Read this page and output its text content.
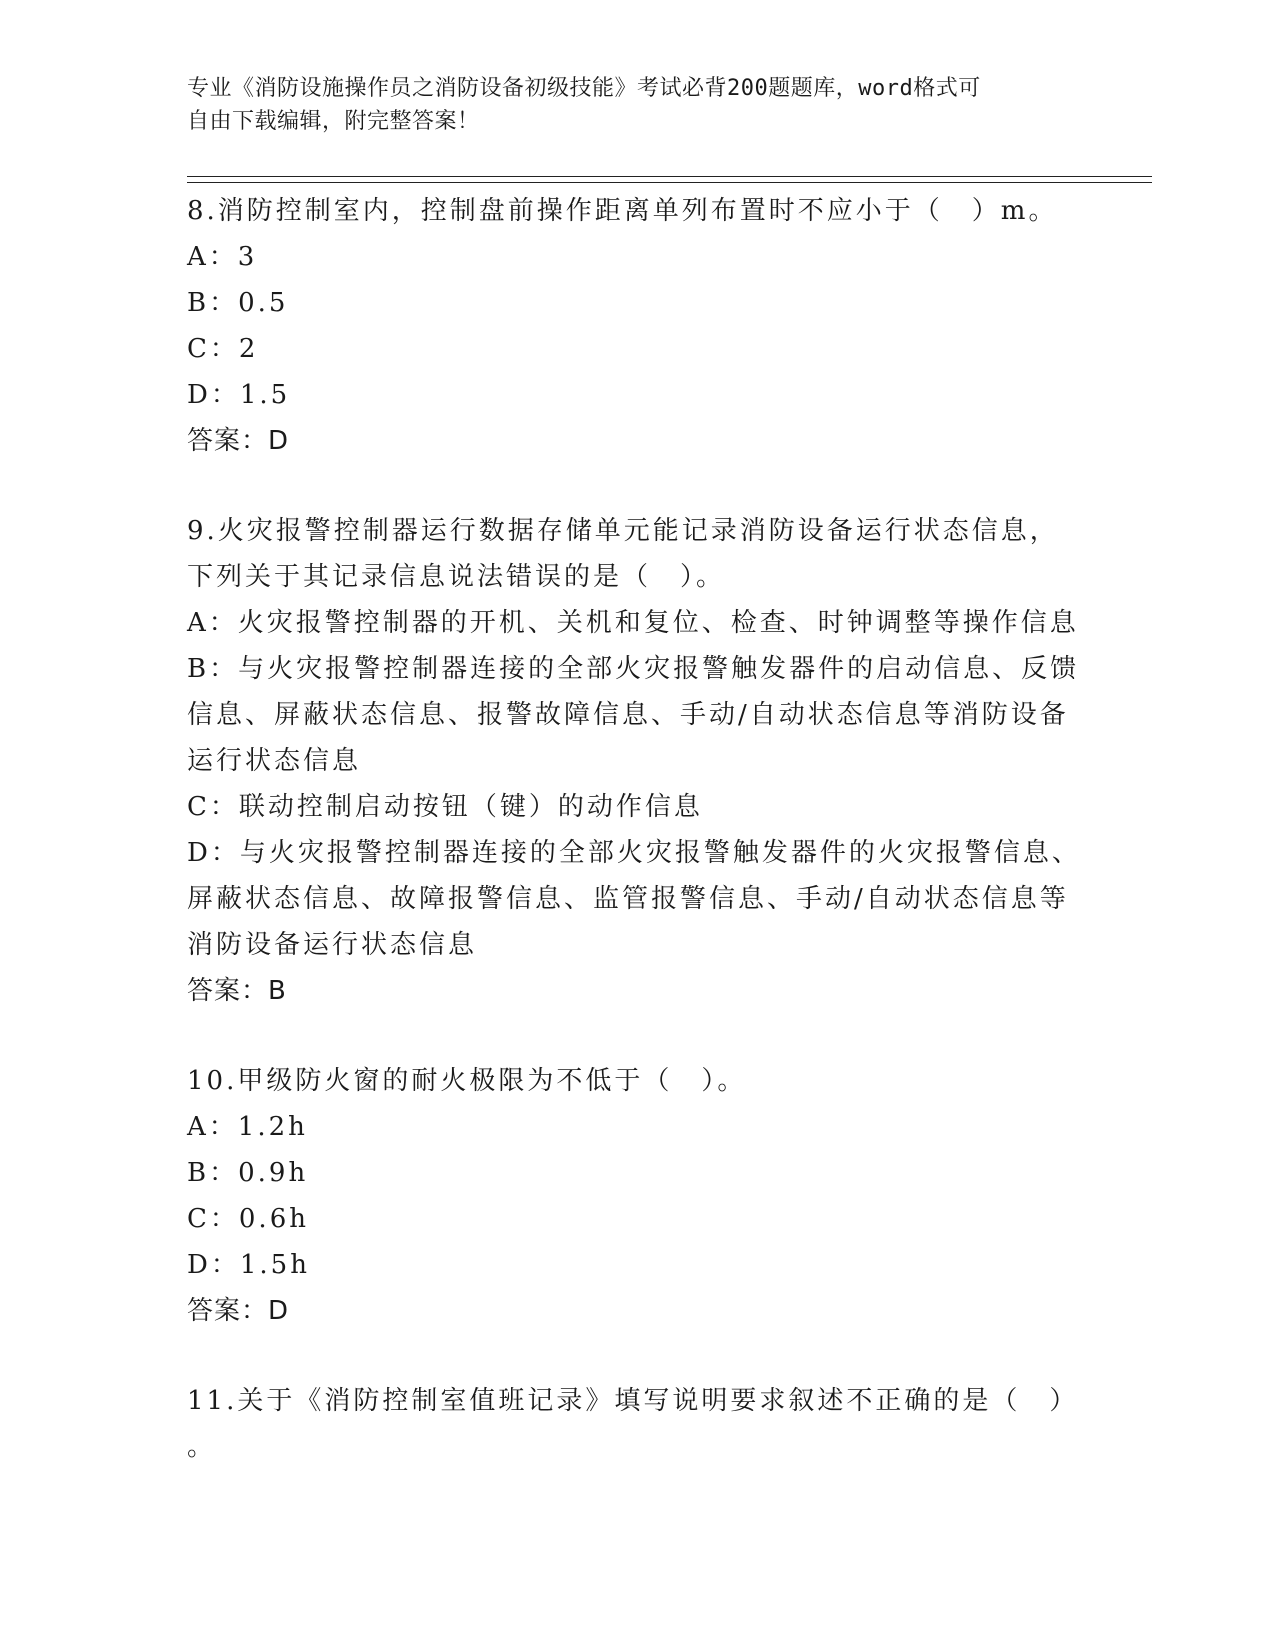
专业《消防设施操作员之消防设备初级技能》考试必背200题题库，word格式可
自由下载编辑，附完整答案！
8.消防控制室内，控制盘前操作距离单列布置时不应小于（　）m。
A：3
B：0.5
C：2
D：1.5
答案：D
9.火灾报警控制器运行数据存储单元能记录消防设备运行状态信息，
下列关于其记录信息说法错误的是（　）。
A：火灾报警控制器的开机、关机和复位、检查、时钟调整等操作信息
B：与火灾报警控制器连接的全部火灾报警触发器件的启动信息、反馈
信息、屏蔽状态信息、报警故障信息、手动/自动状态信息等消防设备
运行状态信息
C：联动控制启动按钮（键）的动作信息
D：与火灾报警控制器连接的全部火灾报警触发器件的火灾报警信息、
屏蔽状态信息、故障报警信息、监管报警信息、手动/自动状态信息等
消防设备运行状态信息
答案：B
10.甲级防火窗的耐火极限为不低于（　）。
A：1.2h
B：0.9h
C：0.6h
D：1.5h
答案：D
11.关于《消防控制室值班记录》填写说明要求叙述不正确的是（　）
。
